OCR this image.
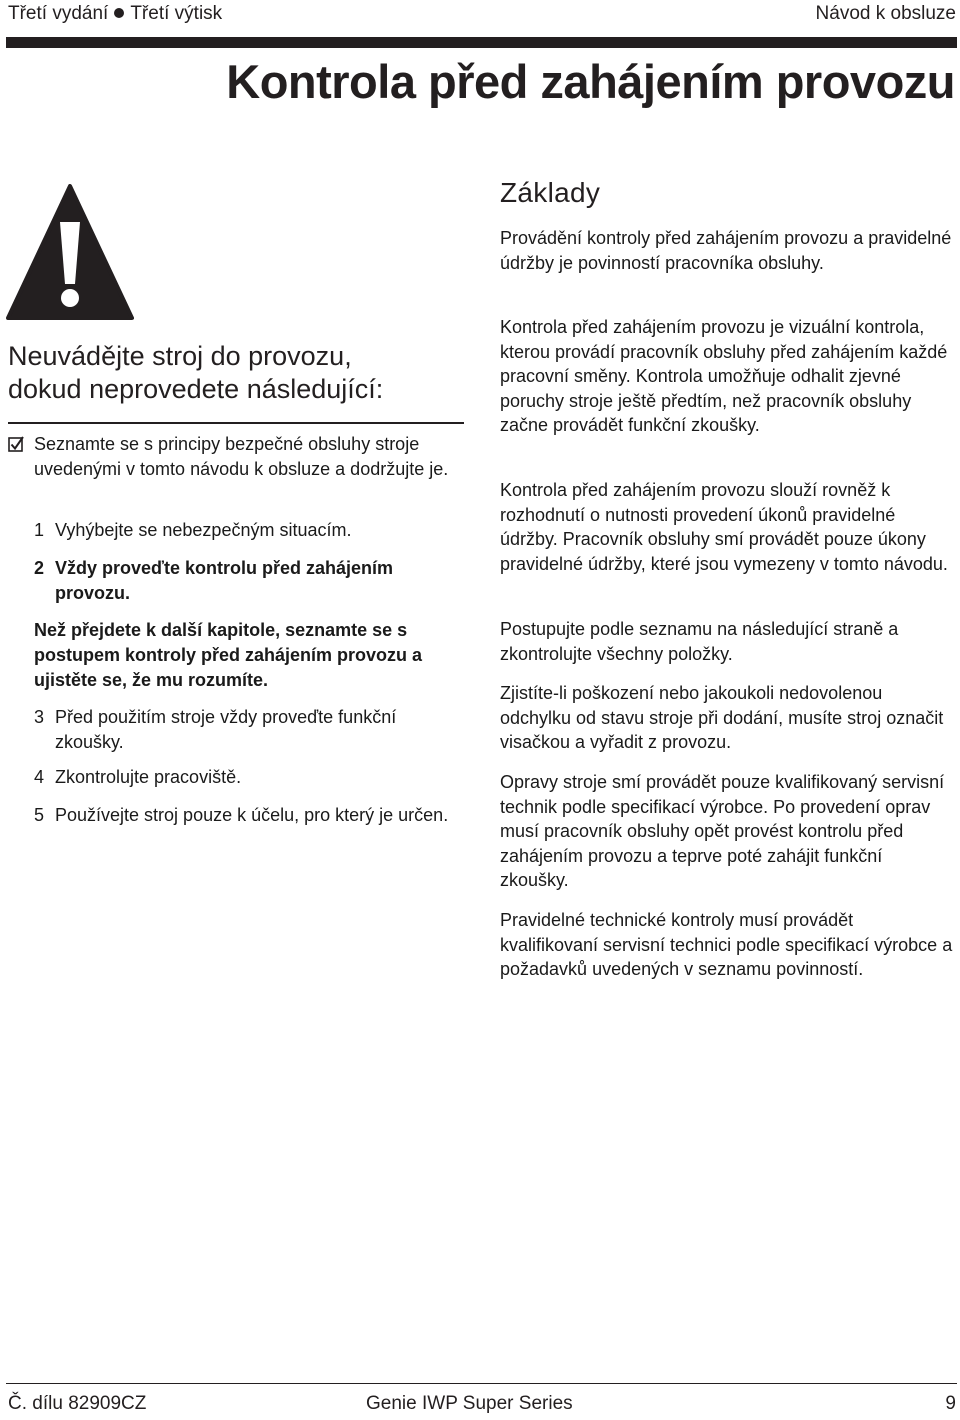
Třetí vydání Třetí výtisk	Návod k obsluze
Kontrola před zahájením provozu
Neuvádějte stroj do provozu,
dokud neprovedete následující:
Seznamte se s principy bezpečné obsluhy stroje uvedenými v tomto návodu k obsluze a dodržujte je.
1 Vyhýbejte se nebezpečným situacím.
2 Vždy proveďte kontrolu před zahájením provozu.
Než přejdete k další kapitole, seznamte se s postupem kontroly před zahájením provozu a ujistěte se, že mu rozumíte.
3 Před použitím stroje vždy proveďte funkční zkoušky.
4 Zkontrolujte pracoviště.
5 Používejte stroj pouze k účelu, pro který je určen.
Základy
Provádění kontroly před zahájením provozu a pravidelné údržby je povinností pracovníka obsluhy.
Kontrola před zahájením provozu je vizuální kontrola, kterou provádí pracovník obsluhy před zahájením každé pracovní směny. Kontrola umožňuje odhalit zjevné poruchy stroje ještě předtím, než pracovník obsluhy začne provádět funkční zkoušky.
Kontrola před zahájením provozu slouží rovněž k rozhodnutí o nutnosti provedení úkonů pravidelné údržby. Pracovník obsluhy smí provádět pouze úkony pravidelné údržby, které jsou vymezeny v tomto návodu.
Postupujte podle seznamu na následující straně a zkontrolujte všechny položky.
Zjistíte-li poškození nebo jakoukoli nedovolenou odchylku od stavu stroje při dodání, musíte stroj označit visačkou a vyřadit z provozu.
Opravy stroje smí provádět pouze kvalifikovaný servisní technik podle specifikací výrobce. Po provedení oprav musí pracovník obsluhy opět provést kontrolu před zahájením provozu a teprve poté zahájit funkční zkoušky.
Pravidelné technické kontroly musí provádět kvalifikovaní servisní technici podle specifikací výrobce a požadavků uvedených v seznamu povinností.
Č. dílu 82909CZ	Genie IWP Super Series	9
